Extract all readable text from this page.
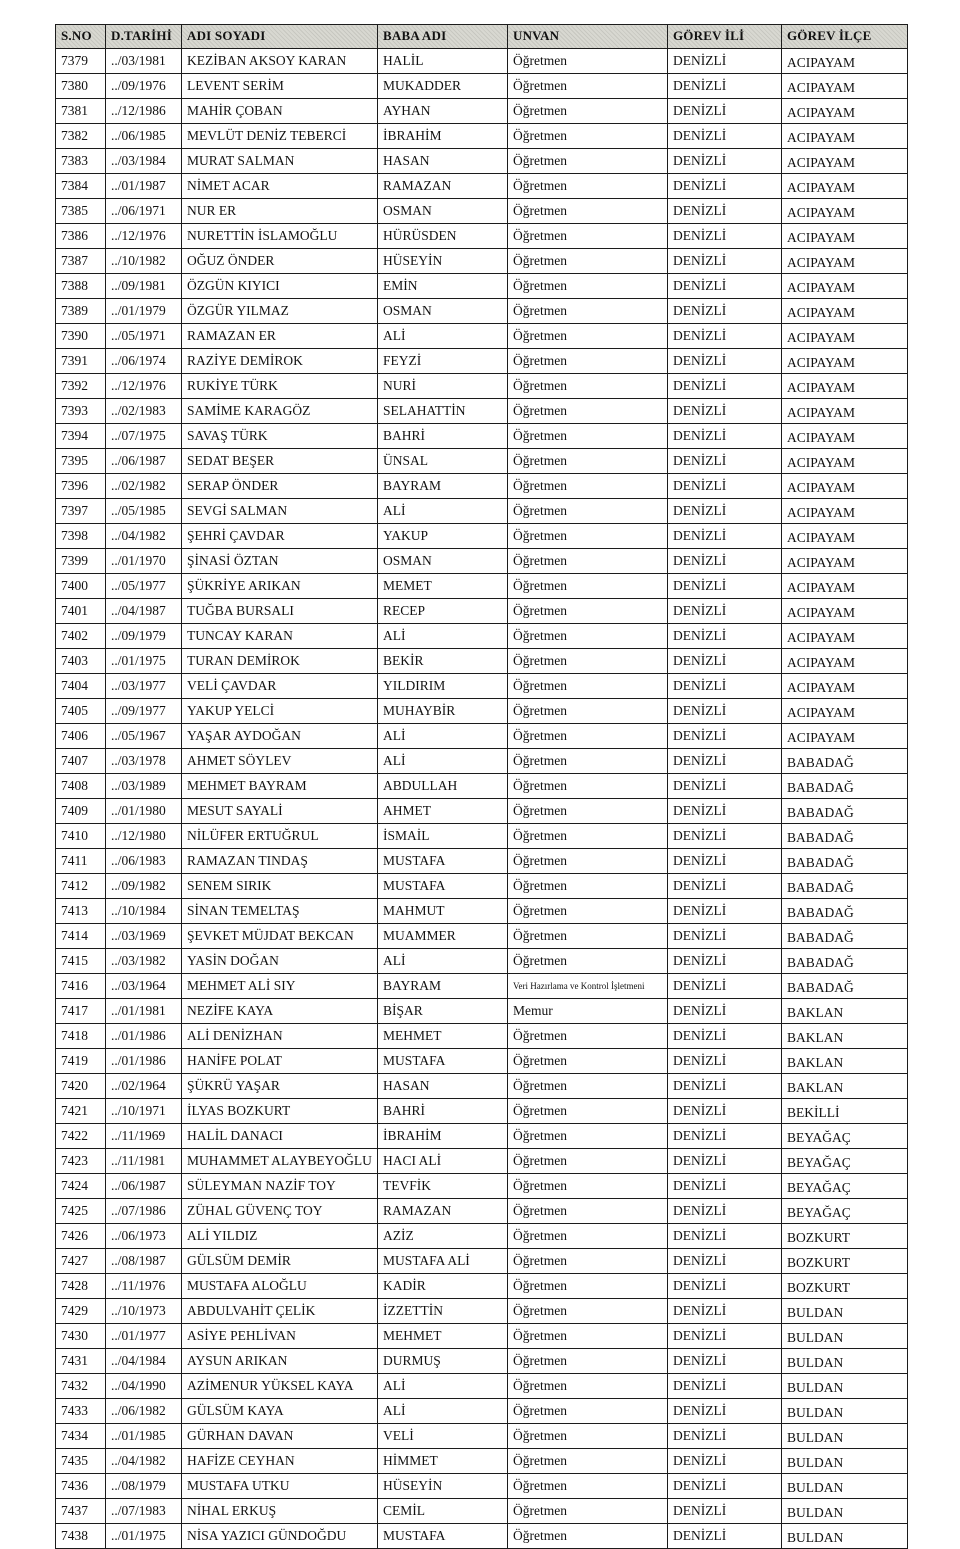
S.NO	D.TARİHİ	ADI SOYADI	BABA ADI	UNVAN	GÖREV İLİ	GÖREV İLÇE
7379	../03/1981	KEZİBAN AKSOY KARAN	HALİL	Öğretmen	DENİZLİ	ACIPAYAM
7380	../09/1976	LEVENT SERİM	MUKADDER	Öğretmen	DENİZLİ	ACIPAYAM
7381	../12/1986	MAHİR ÇOBAN	AYHAN	Öğretmen	DENİZLİ	ACIPAYAM
7382	../06/1985	MEVLÜT DENİZ TEBERCİ	İBRAHİM	Öğretmen	DENİZLİ	ACIPAYAM
7383	../03/1984	MURAT SALMAN	HASAN	Öğretmen	DENİZLİ	ACIPAYAM
7384	../01/1987	NİMET ACAR	RAMAZAN	Öğretmen	DENİZLİ	ACIPAYAM
7385	../06/1971	NUR ER	OSMAN	Öğretmen	DENİZLİ	ACIPAYAM
7386	../12/1976	NURETTİN İSLAMOĞLU	HÜRÜSDEN	Öğretmen	DENİZLİ	ACIPAYAM
7387	../10/1982	OĞUZ ÖNDER	HÜSEYİN	Öğretmen	DENİZLİ	ACIPAYAM
7388	../09/1981	ÖZGÜN KIYICI	EMİN	Öğretmen	DENİZLİ	ACIPAYAM
7389	../01/1979	ÖZGÜR YILMAZ	OSMAN	Öğretmen	DENİZLİ	ACIPAYAM
7390	../05/1971	RAMAZAN ER	ALİ	Öğretmen	DENİZLİ	ACIPAYAM
7391	../06/1974	RAZİYE DEMİROK	FEYZİ	Öğretmen	DENİZLİ	ACIPAYAM
7392	../12/1976	RUKİYE TÜRK	NURİ	Öğretmen	DENİZLİ	ACIPAYAM
7393	../02/1983	SAMİME KARAGÖZ	SELAHATTİN	Öğretmen	DENİZLİ	ACIPAYAM
7394	../07/1975	SAVAŞ TÜRK	BAHRİ	Öğretmen	DENİZLİ	ACIPAYAM
7395	../06/1987	SEDAT BEŞER	ÜNSAL	Öğretmen	DENİZLİ	ACIPAYAM
7396	../02/1982	SERAP ÖNDER	BAYRAM	Öğretmen	DENİZLİ	ACIPAYAM
7397	../05/1985	SEVGİ SALMAN	ALİ	Öğretmen	DENİZLİ	ACIPAYAM
7398	../04/1982	ŞEHRİ ÇAVDAR	YAKUP	Öğretmen	DENİZLİ	ACIPAYAM
7399	../01/1970	ŞİNASİ ÖZTAN	OSMAN	Öğretmen	DENİZLİ	ACIPAYAM
7400	../05/1977	ŞÜKRİYE ARIKAN	MEMET	Öğretmen	DENİZLİ	ACIPAYAM
7401	../04/1987	TUĞBA BURSALI	RECEP	Öğretmen	DENİZLİ	ACIPAYAM
7402	../09/1979	TUNCAY KARAN	ALİ	Öğretmen	DENİZLİ	ACIPAYAM
7403	../01/1975	TURAN DEMİROK	BEKİR	Öğretmen	DENİZLİ	ACIPAYAM
7404	../03/1977	VELİ ÇAVDAR	YILDIRIM	Öğretmen	DENİZLİ	ACIPAYAM
7405	../09/1977	YAKUP YELCİ	MUHAYBİR	Öğretmen	DENİZLİ	ACIPAYAM
7406	../05/1967	YAŞAR AYDOĞAN	ALİ	Öğretmen	DENİZLİ	ACIPAYAM
7407	../03/1978	AHMET SÖYLEV	ALİ	Öğretmen	DENİZLİ	BABADAĞ
7408	../03/1989	MEHMET BAYRAM	ABDULLAH	Öğretmen	DENİZLİ	BABADAĞ
7409	../01/1980	MESUT SAYALİ	AHMET	Öğretmen	DENİZLİ	BABADAĞ
7410	../12/1980	NİLÜFER ERTUĞRUL	İSMAİL	Öğretmen	DENİZLİ	BABADAĞ
7411	../06/1983	RAMAZAN TINDAŞ	MUSTAFA	Öğretmen	DENİZLİ	BABADAĞ
7412	../09/1982	SENEM SIRIK	MUSTAFA	Öğretmen	DENİZLİ	BABADAĞ
7413	../10/1984	SİNAN TEMELTAŞ	MAHMUT	Öğretmen	DENİZLİ	BABADAĞ
7414	../03/1969	ŞEVKET MÜJDAT BEKCAN	MUAMMER	Öğretmen	DENİZLİ	BABADAĞ
7415	../03/1982	YASİN DOĞAN	ALİ	Öğretmen	DENİZLİ	BABADAĞ
7416	../03/1964	MEHMET ALİ SIY	BAYRAM	Veri Hazırlama ve Kontrol İşletmeni	DENİZLİ	BABADAĞ
7417	../01/1981	NEZİFE KAYA	BİŞAR	Memur	DENİZLİ	BAKLAN
7418	../01/1986	ALİ DENİZHAN	MEHMET	Öğretmen	DENİZLİ	BAKLAN
7419	../01/1986	HANİFE POLAT	MUSTAFA	Öğretmen	DENİZLİ	BAKLAN
7420	../02/1964	ŞÜKRÜ YAŞAR	HASAN	Öğretmen	DENİZLİ	BAKLAN
7421	../10/1971	İLYAS BOZKURT	BAHRİ	Öğretmen	DENİZLİ	BEKİLLİ
7422	../11/1969	HALİL DANACI	İBRAHİM	Öğretmen	DENİZLİ	BEYAĞAÇ
7423	../11/1981	MUHAMMET ALAYBEYOĞLU	HACI ALİ	Öğretmen	DENİZLİ	BEYAĞAÇ
7424	../06/1987	SÜLEYMAN NAZİF TOY	TEVFİK	Öğretmen	DENİZLİ	BEYAĞAÇ
7425	../07/1986	ZÜHAL GÜVENÇ TOY	RAMAZAN	Öğretmen	DENİZLİ	BEYAĞAÇ
7426	../06/1973	ALİ YILDIZ	AZİZ	Öğretmen	DENİZLİ	BOZKURT
7427	../08/1987	GÜLSÜM DEMİR	MUSTAFA ALİ	Öğretmen	DENİZLİ	BOZKURT
7428	../11/1976	MUSTAFA ALOĞLU	KADİR	Öğretmen	DENİZLİ	BOZKURT
7429	../10/1973	ABDULVAHİT ÇELİK	İZZETTİN	Öğretmen	DENİZLİ	BULDAN
7430	../01/1977	ASİYE PEHLİVAN	MEHMET	Öğretmen	DENİZLİ	BULDAN
7431	../04/1984	AYSUN ARIKAN	DURMUŞ	Öğretmen	DENİZLİ	BULDAN
7432	../04/1990	AZİMENUR YÜKSEL KAYA	ALİ	Öğretmen	DENİZLİ	BULDAN
7433	../06/1982	GÜLSÜM KAYA	ALİ	Öğretmen	DENİZLİ	BULDAN
7434	../01/1985	GÜRHAN DAVAN	VELİ	Öğretmen	DENİZLİ	BULDAN
7435	../04/1982	HAFİZE CEYHAN	HİMMET	Öğretmen	DENİZLİ	BULDAN
7436	../08/1979	MUSTAFA UTKU	HÜSEYİN	Öğretmen	DENİZLİ	BULDAN
7437	../07/1983	NİHAL ERKUŞ	CEMİL	Öğretmen	DENİZLİ	BULDAN
7438	../01/1975	NİSA YAZICI GÜNDOĞDU	MUSTAFA	Öğretmen	DENİZLİ	BULDAN
